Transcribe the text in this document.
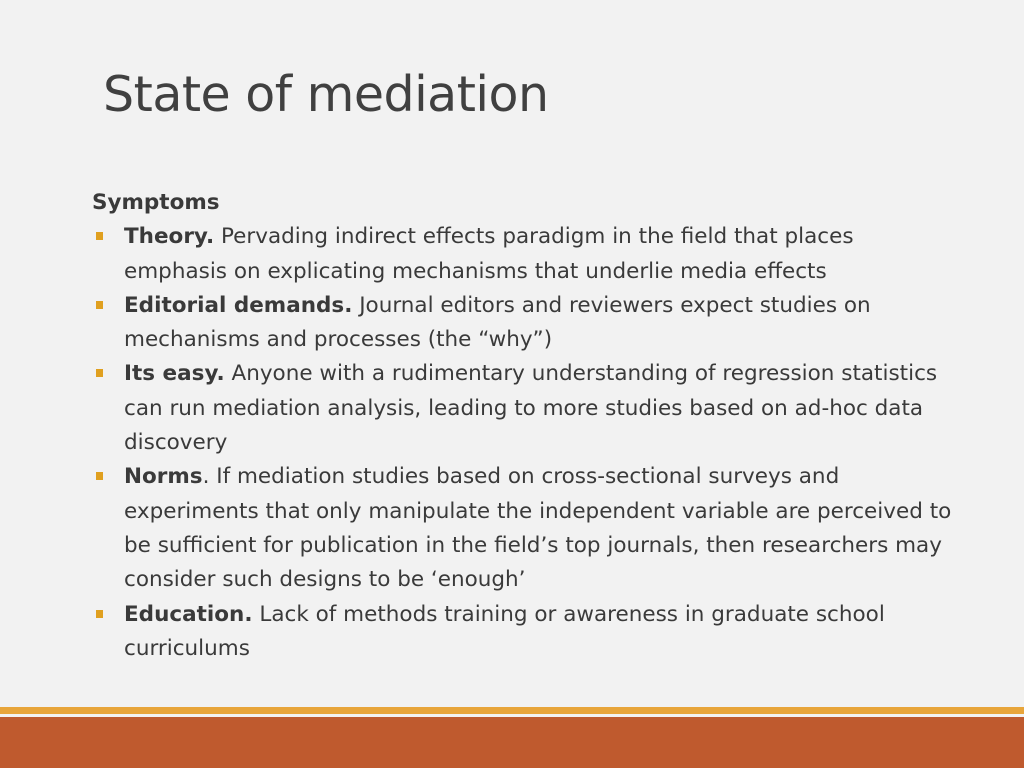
State of mediation

Symptoms

Theory. Pervading indirect effects paradigm in the field that places emphasis on explicating mechanisms that underlie media effects
Editorial demands. Journal editors and reviewers expect studies on mechanisms and processes (the “why”)
Its easy. Anyone with a rudimentary understanding of regression statistics can run mediation analysis, leading to more studies based on ad-hoc data discovery
Norms. If mediation studies based on cross-sectional surveys and experiments that only manipulate the independent variable are perceived to be sufficient for publication in the field’s top journals, then researchers may consider such designs to be ‘enough’
Education. Lack of methods training or awareness in graduate school curriculums
